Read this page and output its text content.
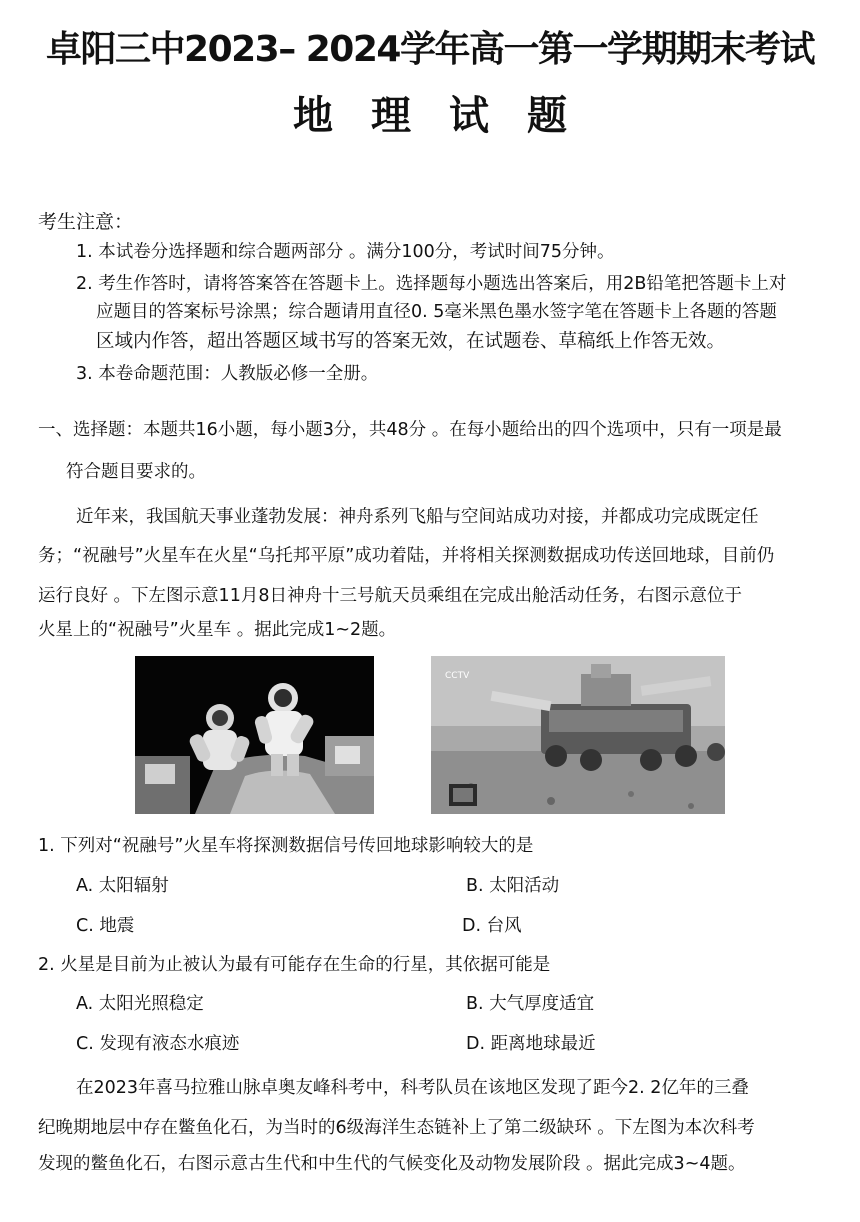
卓阳三中2023– 2024学年高一第一学期期末考试
地理试题
考生注意：
1. 本试卷分选择题和综合题两部分 。满分100分，考试时间75分钟。
2. 考生作答时，请将答案答在答题卡上。选择题每小题选出答案后，用2B铅笔把答题卡上对
应题目的答案标号涂黑；综合题请用直径0. 5毫米黑色墨水签字笔在答题卡上各题的答题
区域内作答，超出答题区域书写的答案无效，在试题卷、草稿纸上作答无效。
3. 本卷命题范围：人教版必修一全册。
一、选择题：本题共16小题，每小题3分，共48分 。在每小题给出的四个选项中，只有一项是最
符合题目要求的。
近年来，我国航天事业蓬勃发展：神舟系列飞船与空间站成功对接，并都成功完成既定任
务；“祝融号”火星车在火星“乌托邦平原”成功着陆，并将相关探测数据成功传送回地球，目前仍
运行良好 。下左图示意11月8日神舟十三号航天员乘组在完成出舱活动任务，右图示意位于
火星上的“祝融号”火星车 。据此完成1~2题。
CCTV
1. 下列对“祝融号”火星车将探测数据信号传回地球影响较大的是
A. 太阳辐射	B. 太阳活动
C. 地震	D. 台风
2. 火星是目前为止被认为最有可能存在生命的行星，其依据可能是
A. 太阳光照稳定	B. 大气厚度适宜
C. 发现有液态水痕迹	D. 距离地球最近
在2023年喜马拉雅山脉卓奥友峰科考中，科考队员在该地区发现了距今2. 2亿年的三叠
纪晚期地层中存在鳖鱼化石，为当时的6级海洋生态链补上了第二级缺环 。下左图为本次科考
发现的鳖鱼化石，右图示意古生代和中生代的气候变化及动物发展阶段 。据此完成3~4题。
